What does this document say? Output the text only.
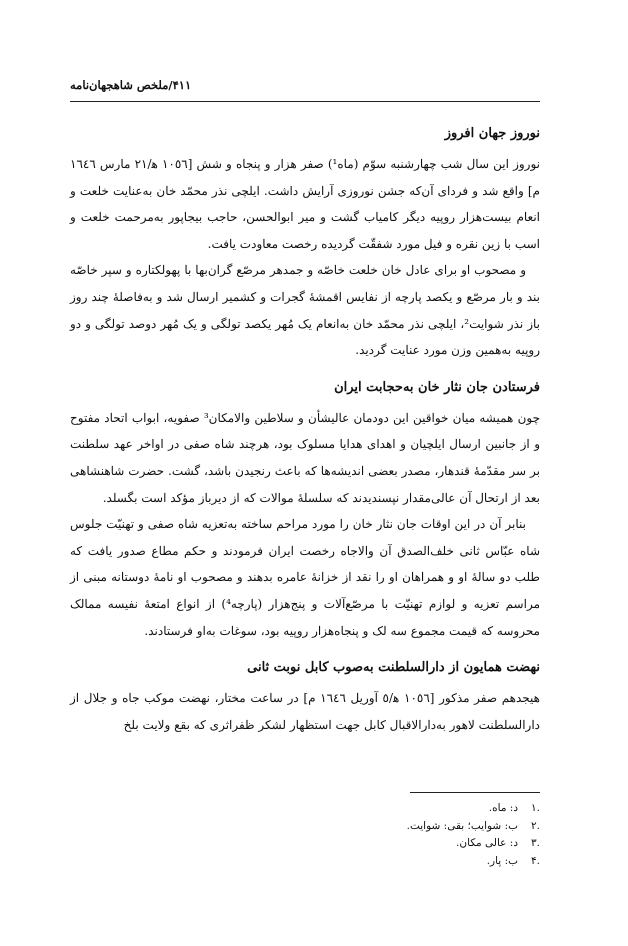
۴۱۱/ملخص شاهجهان‌نامه
نوروز جهان افروز

نوروز این سال شب چهارشنبه سوّم (ماه¹) صفر هزار و پنجاه و شش [١٠٥٦ ه‍/٢١ مارس ١٦٤٦ م] واقع شد و فردای آن‌که جشن نوروزی آرایش داشت. ایلچی نذر محمّد خان به‌عنایت خلعت و انعام بیست‌هزار روپیه دیگر کامیاب گشت و میر ابوالحسن، حاجب بیجاپور به‌مرحمت خلعت و اسب با زین نقره و فیل مورد شفقّت گردیده رخصت معاودت یافت.

و مصحوب او برای عادل خان خلعت خاصّه و جمدهر مرصّع گران‌بها با پهولکتاره و سپر خاصّه بند و بار مرصّع و یکصد پارچه از نفایس اقمشهٔ گجرات و کشمیر ارسال شد و به‌فاصلهٔ چند روز باز نذر شوایت²، ایلچی نذر محمّد خان به‌انعام یک مُهر یکصد تولگی و یک مُهر دوصد تولگی و دو روپیه به‌همین وزن مورد عنایت گردید.

فرستادن جان نثار خان به‌حجابت ایران

چون همیشه میان خواقین این دودمان عالیشأن و سلاطین والامکان³ صفویه، ابواب اتحاد مفتوح و از جانبین ارسال ایلچیان و اهدای هدایا مسلوک بود، هرچند شاه صفی در اواخر عهد سلطنت بر سر مقدّمهٔ قندهار، مصدر بعضی اندیشه‌ها که باعث رنجیدن باشد، گشت. حضرت شاهنشاهی بعد از ارتحال آن عالی‌مقدار نپسندیدند که سلسلهٔ موالات که از دیرباز مؤکد است بگسلد.

بنابر آن در این اوقات جان نثار خان را مورد مراحم ساخته به‌تعزیه شاه صفی و تهنیّت جلوس شاه عبّاس ثانی خلف‌الصدق آن والاجاه رخصت ایران فرمودند و حکم مطاع صدور یافت که طلب دو سالهٔ او و همراهان او را نقد از خزانهٔ عامره بدهند و مصحوب او نامهٔ دوستانه مبنی از مراسم تعزیه و لوازم تهنیّت با مرصّع‌آلات و پنج‌هزار (پارچه⁴) از انواع امتعهٔ نفیسه ممالک محروسه که قیمت مجموع سه لک و پنجاه‌هزار روپیه بود، سوغات به‌او فرستادند.

نهضت همایون از دارالسلطنت به‌صوب کابل نوبت ثانی

هیجدهم صفر مذکور [١٠٥٦ ه‍/٥ آوریل ١٦٤٦ م] در ساعت مختار، نهضت موکب جاه و جلال از دارالسلطنت لاهور به‌دارالاقبال کابل جهت استظهار لشکر ظفراثری که بقع ولایت بلخ

.١
د: ماه.
.٢
ب: شوایب؛ بقی: شوایت.
.٣
د: عالی مکان.
.۴
ب: پار.
